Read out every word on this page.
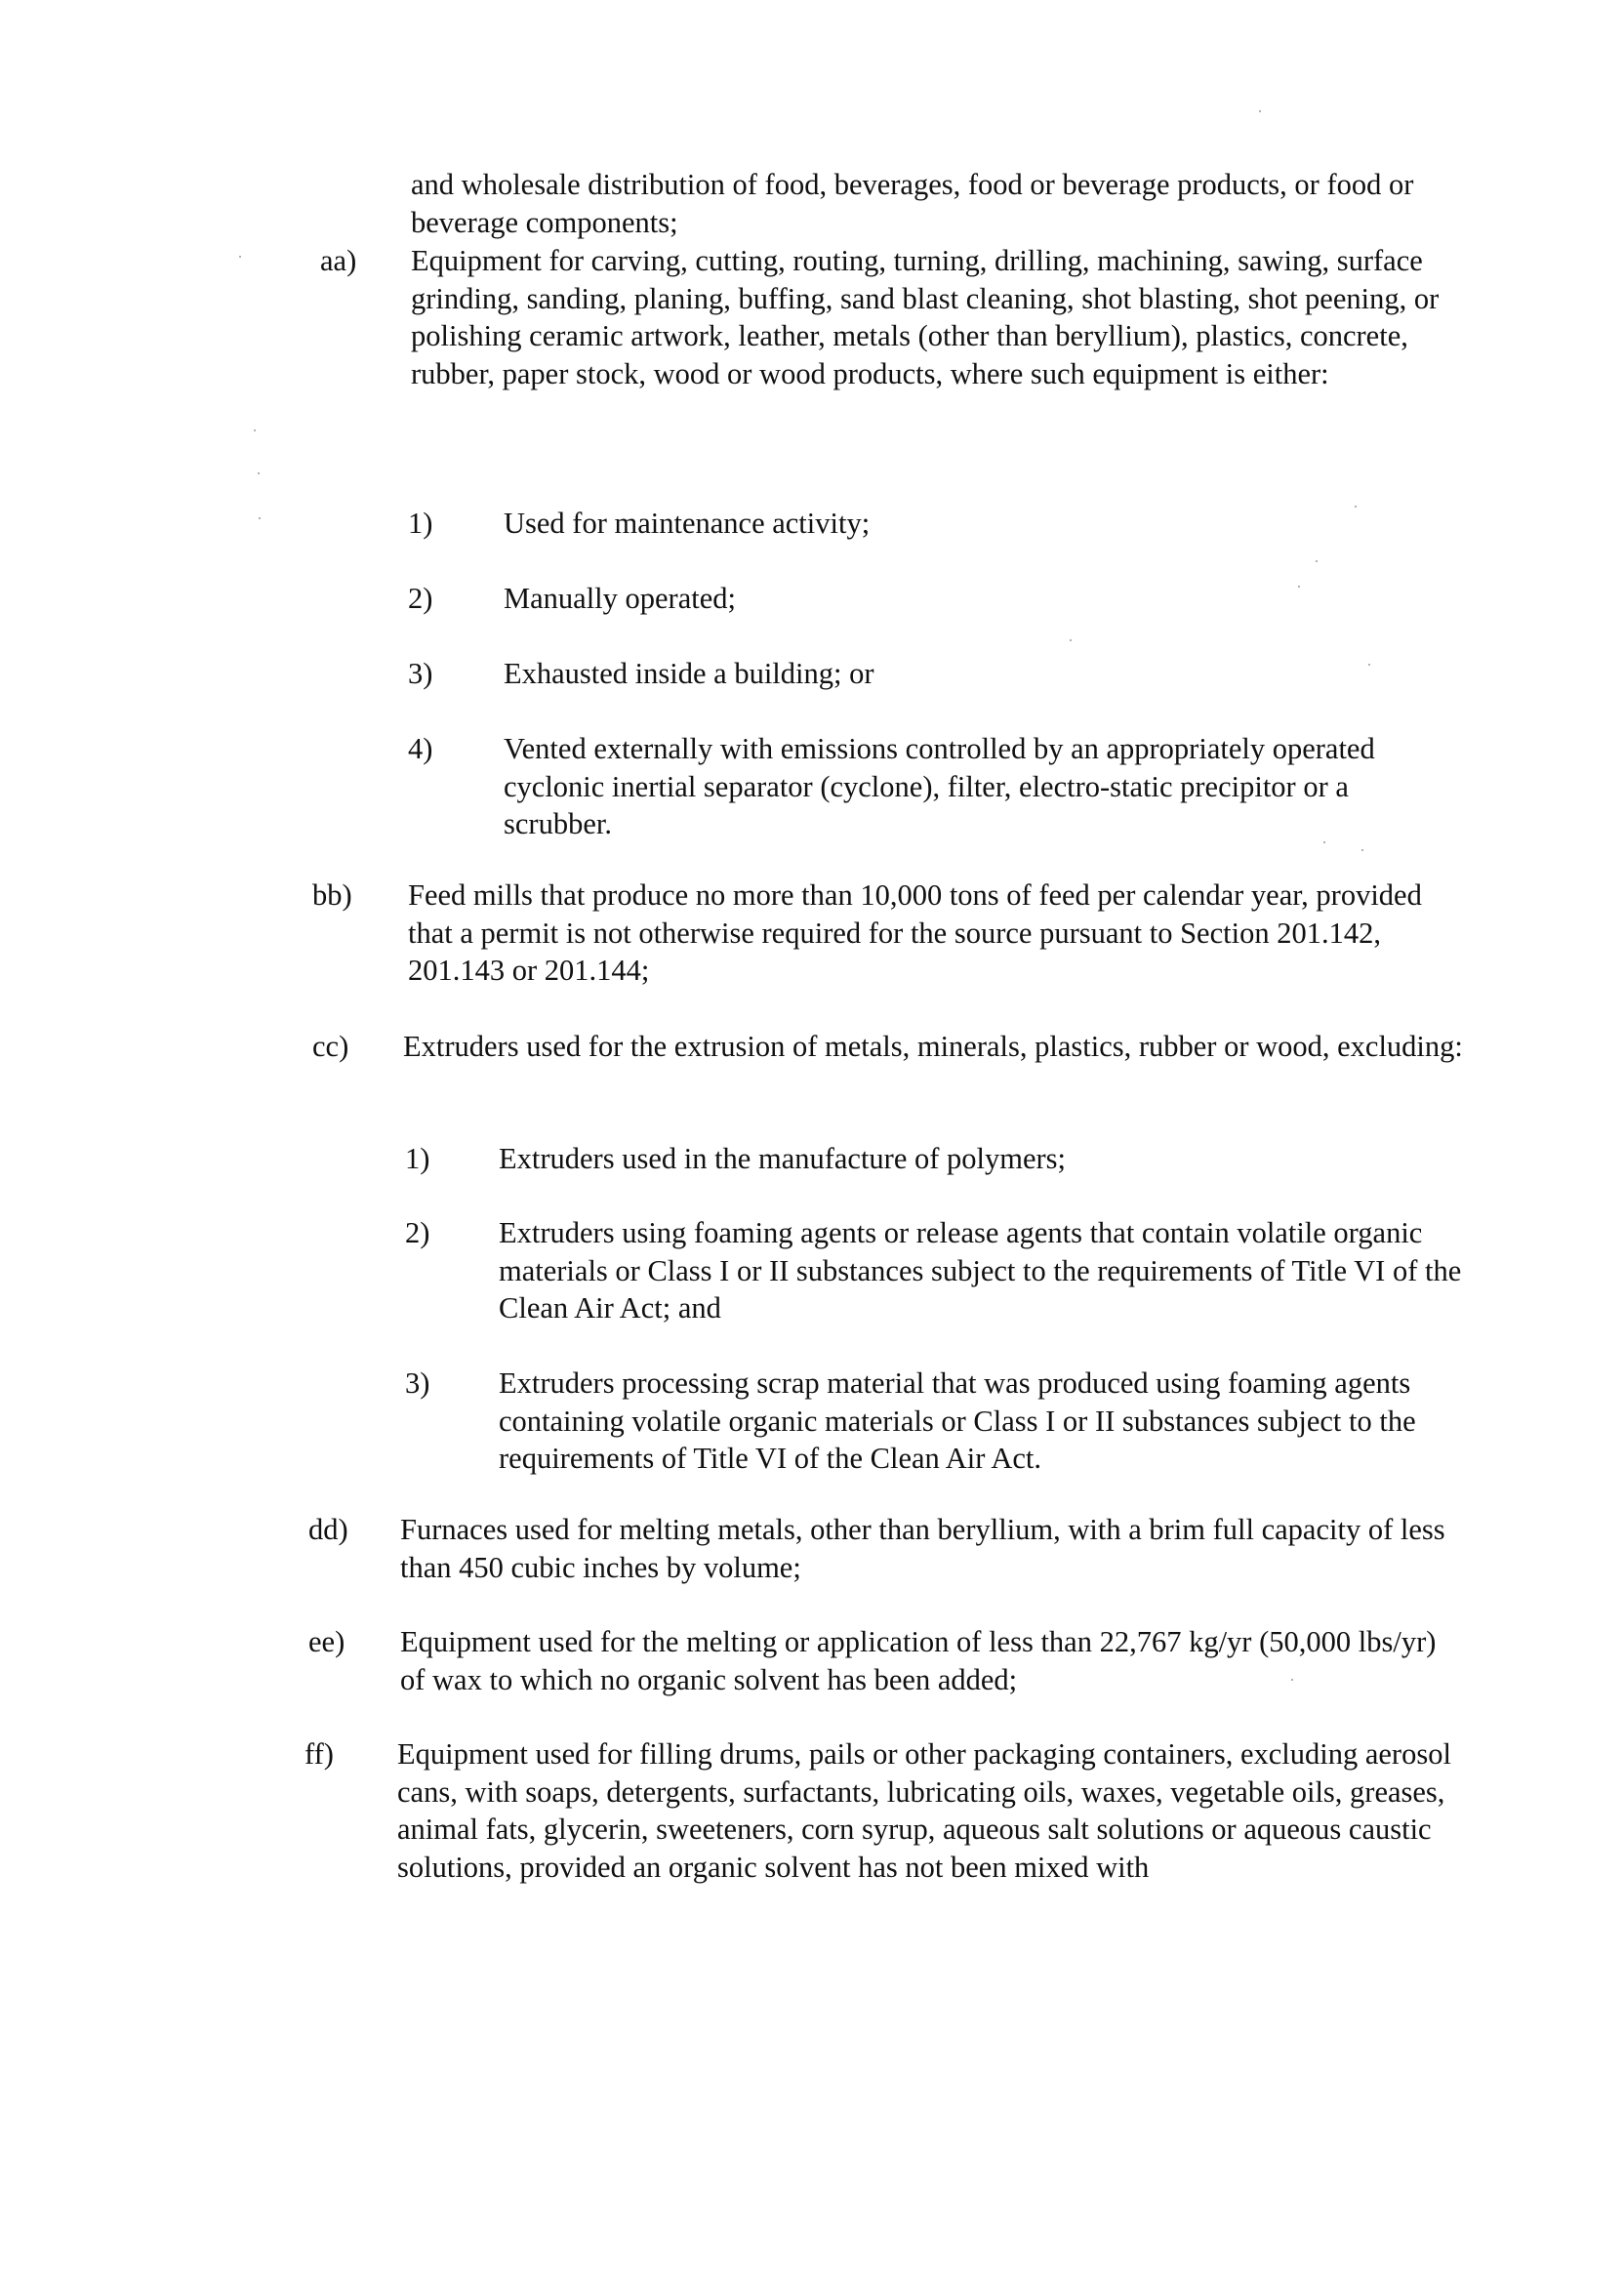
and wholesale distribution of food, beverages, food or beverage products, or food or beverage components;

aa) Equipment for carving, cutting, routing, turning, drilling, machining, sawing, surface grinding, sanding, planing, buffing, sand blast cleaning, shot blasting, shot peening, or polishing ceramic artwork, leather, metals (other than beryllium), plastics, concrete, rubber, paper stock, wood or wood products, where such equipment is either:

1) Used for maintenance activity;

2) Manually operated;

3) Exhausted inside a building; or

4) Vented externally with emissions controlled by an appropriately operated cyclonic inertial separator (cyclone), filter, electro-static precipitor or a scrubber.

bb) Feed mills that produce no more than 10,000 tons of feed per calendar year, provided that a permit is not otherwise required for the source pursuant to Section 201.142, 201.143 or 201.144;

cc) Extruders used for the extrusion of metals, minerals, plastics, rubber or wood, excluding:

1) Extruders used in the manufacture of polymers;

2) Extruders using foaming agents or release agents that contain volatile organic materials or Class I or II substances subject to the requirements of Title VI of the Clean Air Act; and

3) Extruders processing scrap material that was produced using foaming agents containing volatile organic materials or Class I or II substances subject to the requirements of Title VI of the Clean Air Act.

dd) Furnaces used for melting metals, other than beryllium, with a brim full capacity of less than 450 cubic inches by volume;

ee) Equipment used for the melting or application of less than 22,767 kg/yr (50,000 lbs/yr) of wax to which no organic solvent has been added;

ff) Equipment used for filling drums, pails or other packaging containers, excluding aerosol cans, with soaps, detergents, surfactants, lubricating oils, waxes, vegetable oils, greases, animal fats, glycerin, sweeteners, corn syrup, aqueous salt solutions or aqueous caustic solutions, provided an organic solvent has not been mixed with
